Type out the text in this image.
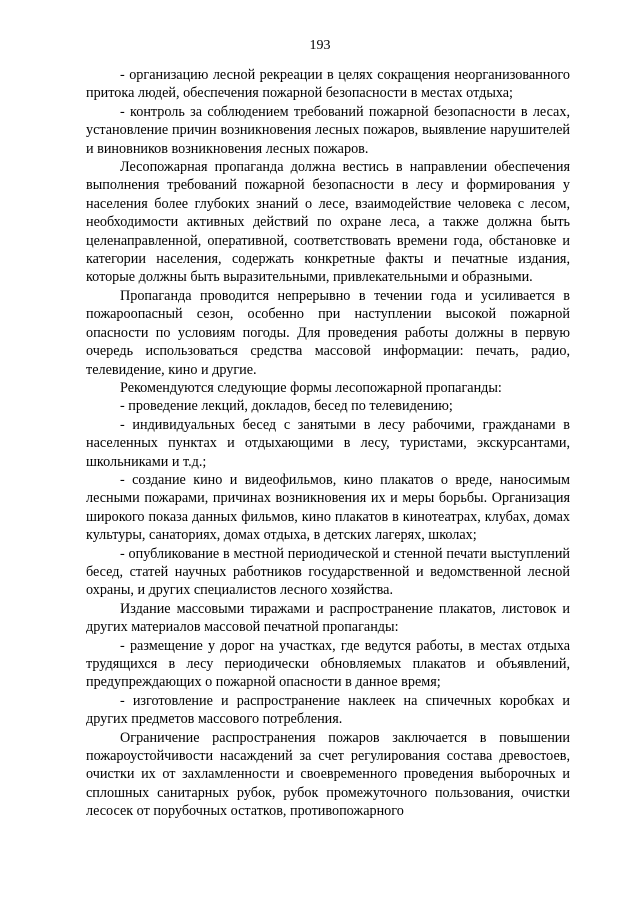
193

- организацию лесной рекреации в целях сокращения неорганизованного притока людей, обеспечения пожарной безопасности в местах отдыха;

- контроль за соблюдением требований пожарной безопасности в лесах, установление причин возникновения лесных пожаров, выявление нарушителей и виновников возникновения лесных пожаров.

Лесопожарная пропаганда должна вестись в направлении обеспечения выполнения требований пожарной безопасности в лесу и формирования у населения более глубоких знаний о лесе, взаимодействие человека с лесом, необходимости активных действий по охране леса, а также должна быть целенаправленной, оперативной, соответствовать времени года, обстановке и категории населения, содержать конкретные факты и печатные издания, которые должны быть выразительными, привлекательными и образными.

Пропаганда проводится непрерывно в течении года и усиливается в пожароопасный сезон, особенно при наступлении высокой пожарной опасности по условиям погоды. Для проведения работы должны в первую очередь использоваться средства массовой информации: печать, радио, телевидение, кино и другие.

Рекомендуются следующие формы лесопожарной пропаганды:

- проведение лекций, докладов, бесед по телевидению;

- индивидуальных бесед с занятыми в лесу рабочими, гражданами в населенных пунктах и отдыхающими в лесу, туристами, экскурсантами, школьниками и т.д.;

- создание кино и видеофильмов, кино плакатов о вреде, наносимым лесными пожарами, причинах возникновения их и меры борьбы. Организация широкого показа данных фильмов, кино плакатов в кинотеатрах, клубах, домах культуры, санаториях, домах отдыха, в детских лагерях, школах;

- опубликование в местной периодической и стенной печати выступлений бесед, статей научных работников государственной и ведомственной лесной охраны, и других специалистов лесного хозяйства.

Издание массовыми тиражами и распространение плакатов, листовок и других материалов массовой печатной пропаганды:

- размещение у дорог на участках, где ведутся работы, в местах отдыха трудящихся в лесу периодически обновляемых плакатов и объявлений, предупреждающих о пожарной опасности в данное время;

- изготовление и распространение наклеек на спичечных коробках и других предметов массового потребления.

Ограничение распространения пожаров заключается в повышении пожароустойчивости насаждений за счет регулирования состава древостоев, очистки их от захламленности и своевременного проведения выборочных и сплошных санитарных рубок, рубок промежуточного пользования, очистки лесосек от порубочных остатков, противопожарного
